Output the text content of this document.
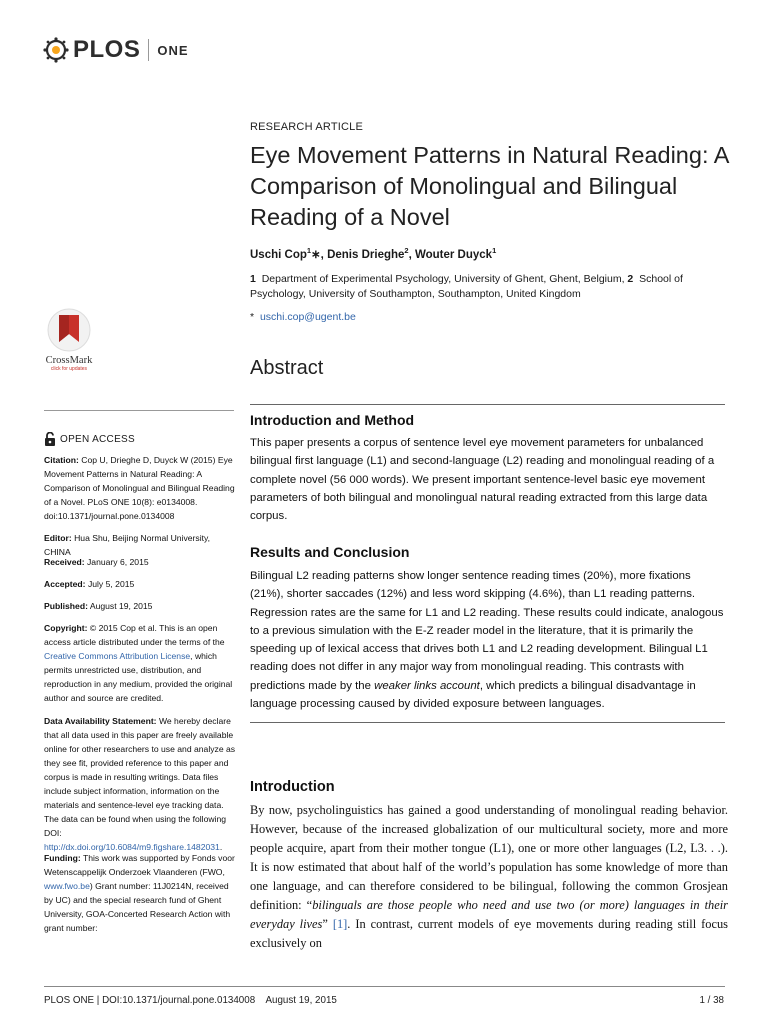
PLOS ONE
RESEARCH ARTICLE
Eye Movement Patterns in Natural Reading: A Comparison of Monolingual and Bilingual Reading of a Novel
Uschi Cop$^1$∗, Denis Drieghe$^2$, Wouter Duyck$^1$
1 Department of Experimental Psychology, University of Ghent, Ghent, Belgium, 2 School of Psychology, University of Southampton, Southampton, United Kingdom
* uschi.cop@ugent.be
Abstract
Introduction and Method
This paper presents a corpus of sentence level eye movement parameters for unbalanced bilingual first language (L1) and second-language (L2) reading and monolingual reading of a complete novel (56 000 words). We present important sentence-level basic eye movement parameters of both bilingual and monolingual natural reading extracted from this large data corpus.
Results and Conclusion
Bilingual L2 reading patterns show longer sentence reading times (20%), more fixations (21%), shorter saccades (12%) and less word skipping (4.6%), than L1 reading patterns. Regression rates are the same for L1 and L2 reading. These results could indicate, analogous to a previous simulation with the E-Z reader model in the literature, that it is primarily the speeding up of lexical access that drives both L1 and L2 reading development. Bilingual L1 reading does not differ in any major way from monolingual reading. This contrasts with predictions made by the weaker links account, which predicts a bilingual disadvantage in language processing caused by divided exposure between languages.
Introduction
By now, psycholinguistics has gained a good understanding of monolingual reading behavior. However, because of the increased globalization of our multicultural society, more and more people acquire, apart from their mother tongue (L1), one or more other languages (L2, L3. . .). It is now estimated that about half of the world’s population has some knowledge of more than one language, and can therefore considered to be bilingual, following the common Grosjean definition: “bilinguals are those people who need and use two (or more) languages in their everyday lives” [1]. In contrast, current models of eye movements during reading still focus exclusively on
CrossMark
click for updates
OPEN ACCESS
Citation: Cop U, Drieghe D, Duyck W (2015) Eye Movement Patterns in Natural Reading: A Comparison of Monolingual and Bilingual Reading of a Novel. PLoS ONE 10(8): e0134008. doi:10.1371/journal.pone.0134008
Editor: Hua Shu, Beijing Normal University, CHINA
Received: January 6, 2015
Accepted: July 5, 2015
Published: August 19, 2015
Copyright: © 2015 Cop et al. This is an open access article distributed under the terms of the Creative Commons Attribution License, which permits unrestricted use, distribution, and reproduction in any medium, provided the original author and source are credited.
Data Availability Statement: We hereby declare that all data used in this paper are freely available online for other researchers to use and analyze as they see fit, provided reference to this paper and corpus is made in resulting writings. Data files include subject information, information on the materials and sentence-level eye tracking data. The data can be found when using the following DOI: http://dx.doi.org/10.6084/m9.figshare.1482031.
Funding: This work was supported by Fonds voor Wetenscappelijk Onderzoek Vlaanderen (FWO, www.fwo.be) Grant number: 11J0214N, received by UC) and the special research fund of Ghent University, GOA-Concerted Research Action with grant number:
PLOS ONE | DOI:10.1371/journal.pone.0134008    August 19, 2015	1 / 38
